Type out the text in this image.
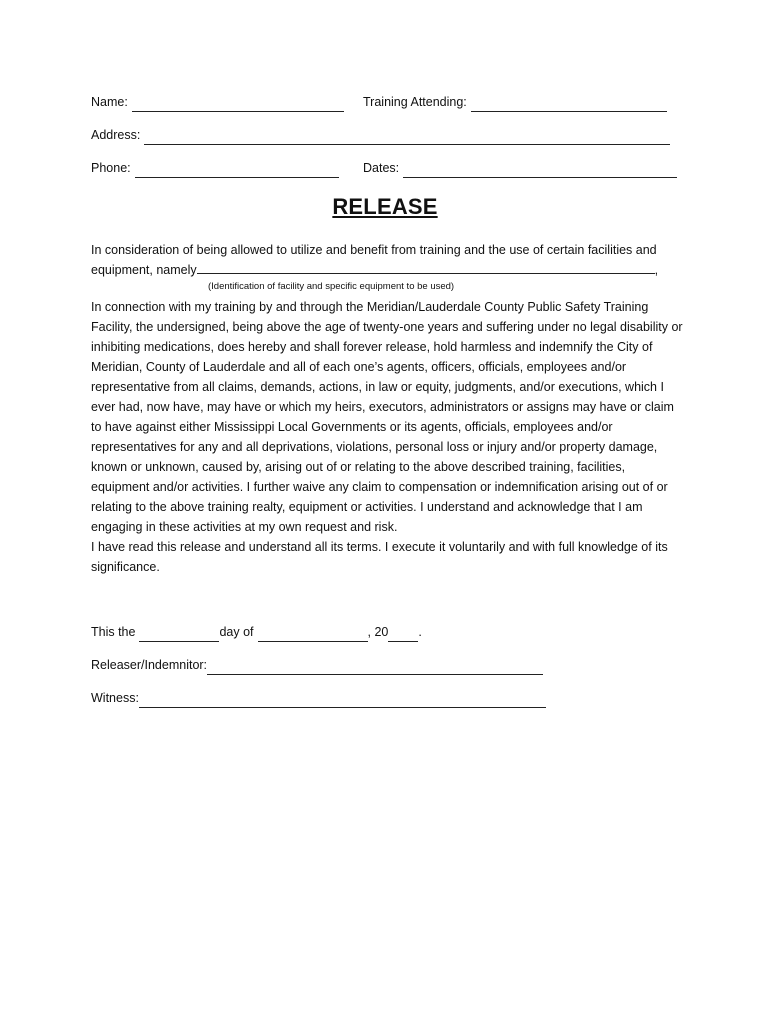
Name:	Training Attending:
Address:
Phone:	Dates:
RELEASE
In consideration of being allowed to utilize and benefit from training and the use of certain facilities and
equipment, namely	,
(Identification of facility and specific equipment to be used)
In connection with my training by and through the Meridian/Lauderdale County Public Safety Training Facility, the undersigned, being above the age of twenty-one years and suffering under no legal disability or inhibiting medications, does hereby and shall forever release, hold harmless and indemnify the City of Meridian, County of Lauderdale and all of each one’s agents, officers, officials, employees and/or representative from all claims, demands, actions, in law or equity, judgments, and/or executions, which I ever had, now have, may have or which my heirs, executors, administrators or assigns may have or claim to have against either Mississippi Local Governments or its agents, officials, employees and/or representatives for any and all deprivations, violations, personal loss or injury and/or property damage, known or unknown, caused by, arising out of or relating to the above described training, facilities, equipment and/or activities. I further waive any claim to compensation or indemnification arising out of or relating to the above training realty, equipment or activities. I understand and acknowledge that I am engaging in these activities at my own request and risk.
I have read this release and understand all its terms. I execute it voluntarily and with full knowledge of its significance.
This the	day of	, 20 .
Releaser/Indemnitor:
Witness:
